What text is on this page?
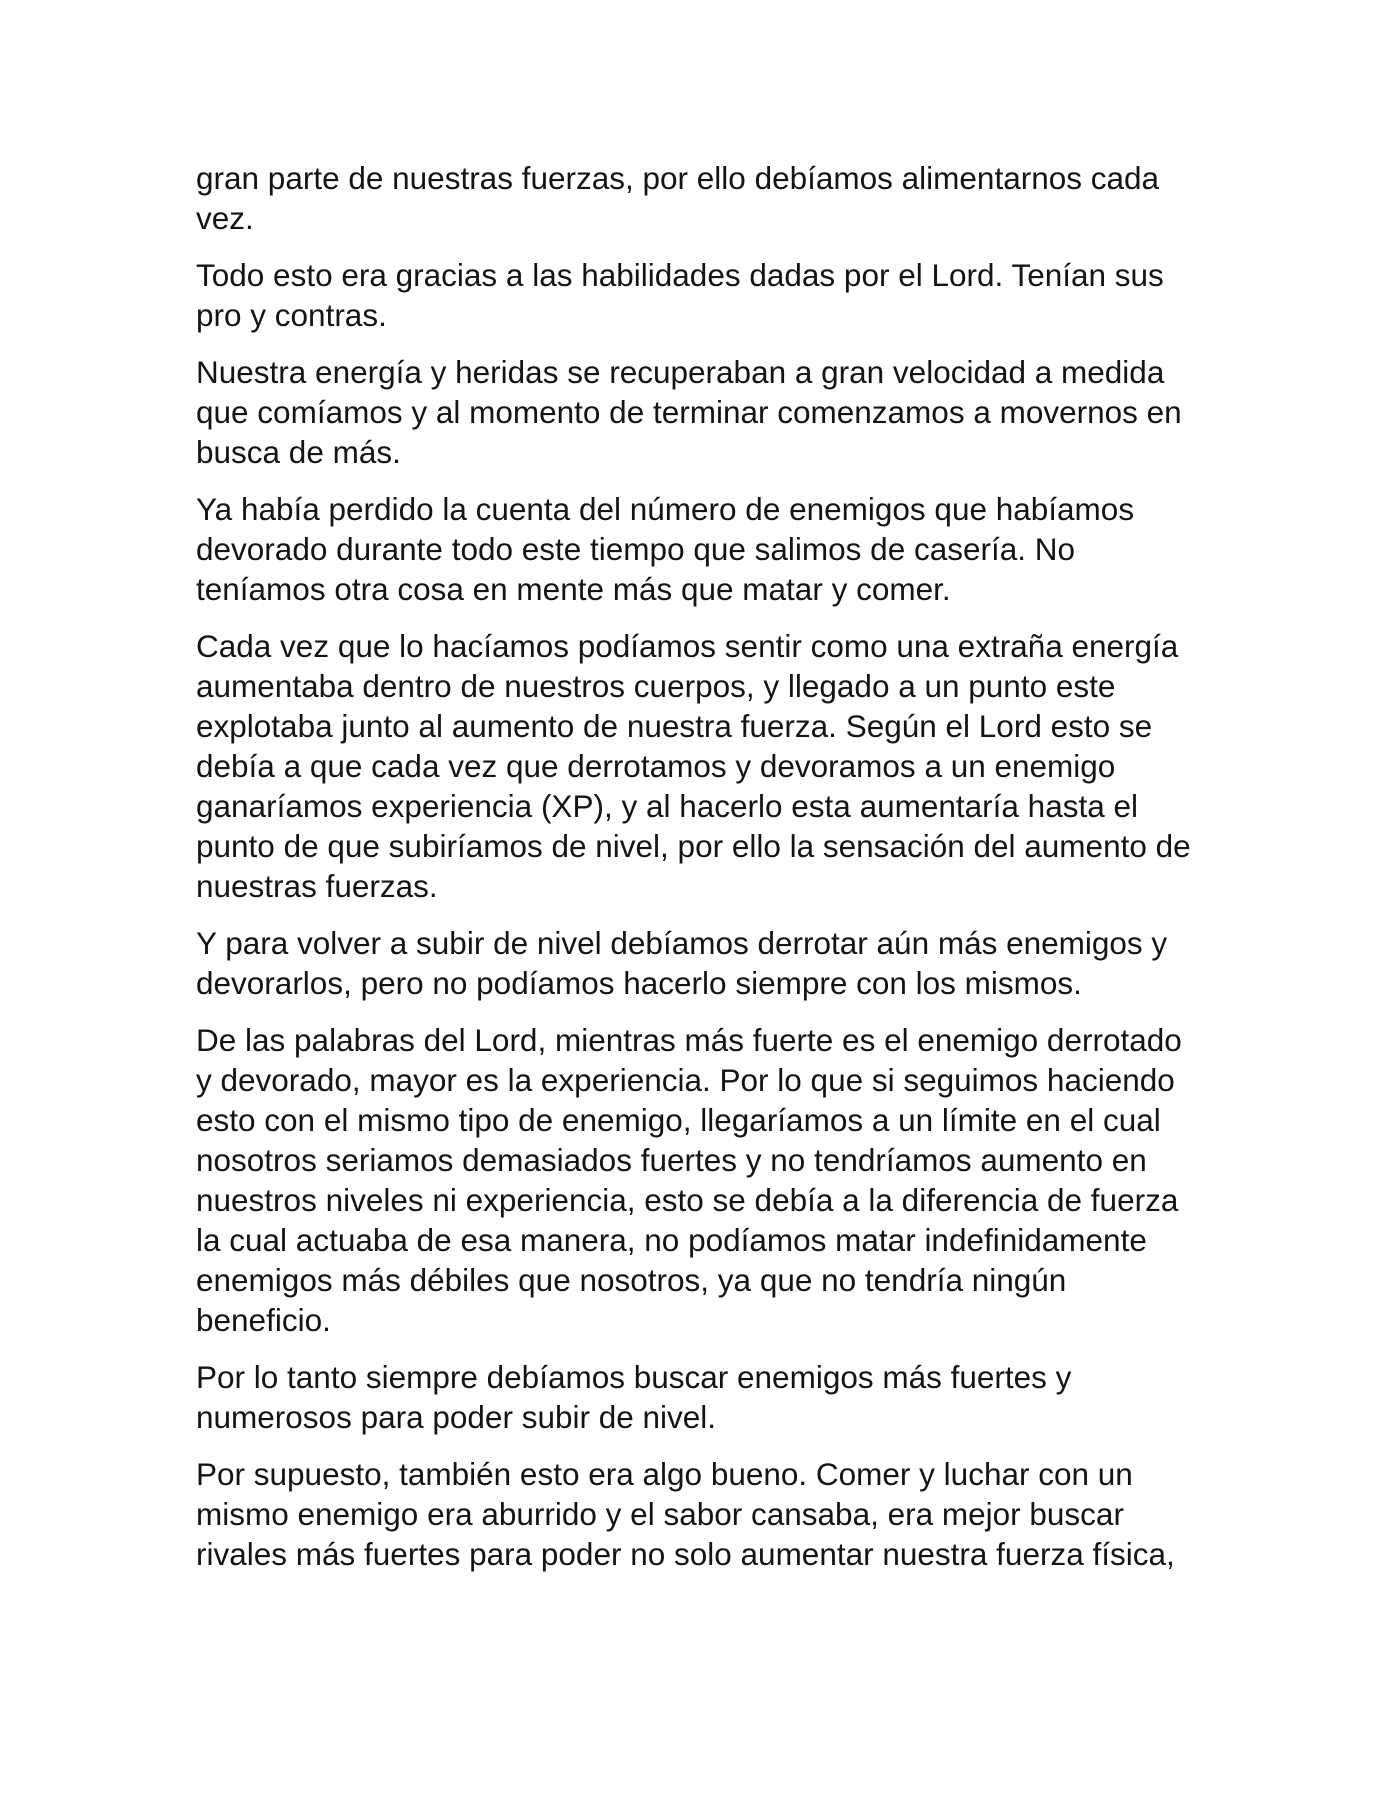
gran parte de nuestras fuerzas, por ello debíamos alimentarnos cada vez.

Todo esto era gracias a las habilidades dadas por el Lord. Tenían sus pro y contras.

Nuestra energía y heridas se recuperaban a gran velocidad a medida que comíamos y al momento de terminar comenzamos a movernos en busca de más.

Ya había perdido la cuenta del número de enemigos que habíamos devorado durante todo este tiempo que salimos de casería. No teníamos otra cosa en mente más que matar y comer.

Cada vez que lo hacíamos podíamos sentir como una extraña energía aumentaba dentro de nuestros cuerpos, y llegado a un punto este explotaba junto al aumento de nuestra fuerza. Según el Lord esto se debía a que cada vez que derrotamos y devoramos a un enemigo ganaríamos experiencia (XP), y al hacerlo esta aumentaría hasta el punto de que subiríamos de nivel, por ello la sensación del aumento de nuestras fuerzas.

Y para volver a subir de nivel debíamos derrotar aún más enemigos y devorarlos, pero no podíamos hacerlo siempre con los mismos.

De las palabras del Lord, mientras más fuerte es el enemigo derrotado y devorado, mayor es la experiencia. Por lo que si seguimos haciendo esto con el mismo tipo de enemigo, llegaríamos a un límite en el cual nosotros seriamos demasiados fuertes y no tendríamos aumento en nuestros niveles ni experiencia, esto se debía a la diferencia de fuerza la cual actuaba de esa manera, no podíamos matar indefinidamente enemigos más débiles que nosotros, ya que no tendría ningún beneficio.

Por lo tanto siempre debíamos buscar enemigos más fuertes y numerosos para poder subir de nivel.

Por supuesto, también esto era algo bueno. Comer y luchar con un mismo enemigo era aburrido y el sabor cansaba, era mejor buscar rivales más fuertes para poder no solo aumentar nuestra fuerza física,
